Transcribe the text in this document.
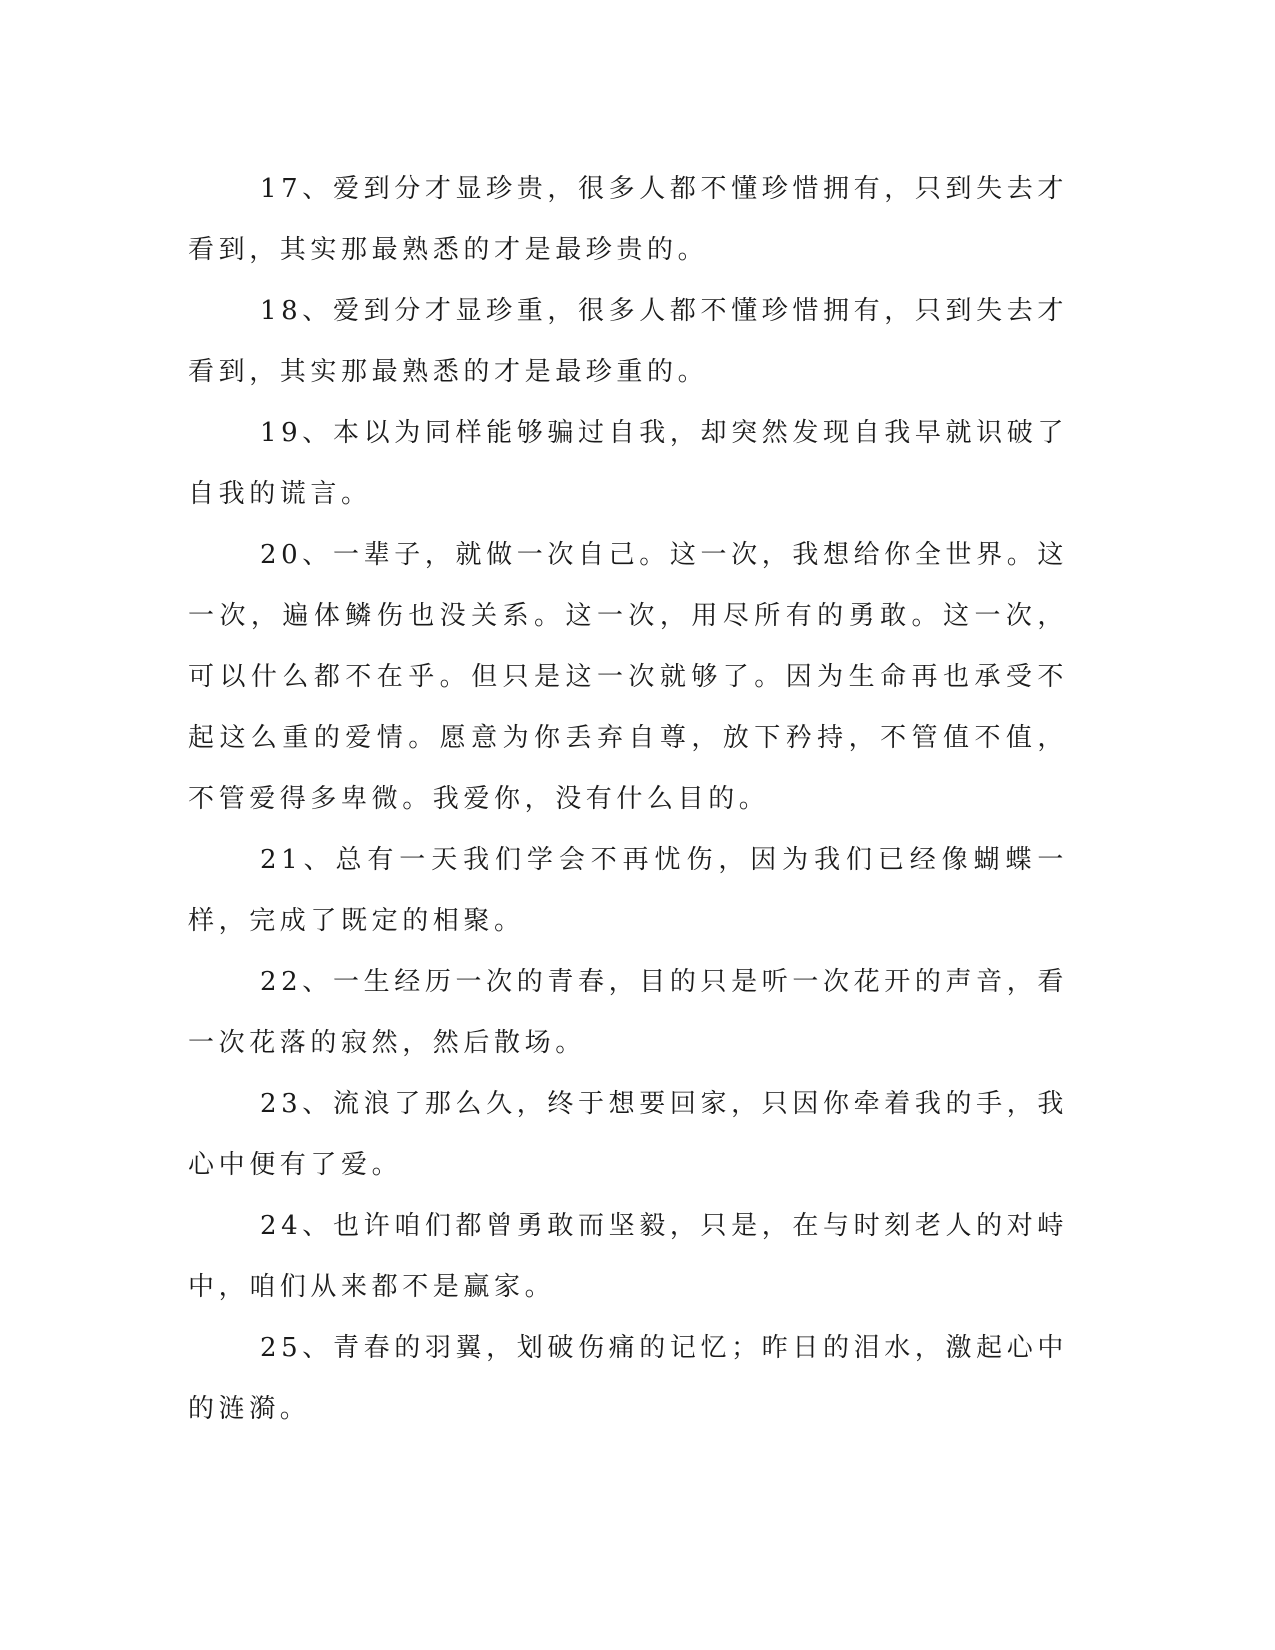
17、爱到分才显珍贵，很多人都不懂珍惜拥有，只到失去才看到，其实那最熟悉的才是最珍贵的。

18、爱到分才显珍重，很多人都不懂珍惜拥有，只到失去才看到，其实那最熟悉的才是最珍重的。

19、本以为同样能够骗过自我，却突然发现自我早就识破了自我的谎言。

20、一辈子，就做一次自己。这一次，我想给你全世界。这一次，遍体鳞伤也没关系。这一次，用尽所有的勇敢。这一次，可以什么都不在乎。但只是这一次就够了。因为生命再也承受不起这么重的爱情。愿意为你丢弃自尊，放下矜持，不管值不值，不管爱得多卑微。我爱你，没有什么目的。

21、总有一天我们学会不再忧伤，因为我们已经像蝴蝶一样，完成了既定的相聚。

22、一生经历一次的青春，目的只是听一次花开的声音，看一次花落的寂然，然后散场。

23、流浪了那么久，终于想要回家，只因你牵着我的手，我心中便有了爱。

24、也许咱们都曾勇敢而坚毅，只是，在与时刻老人的对峙中，咱们从来都不是赢家。

25、青春的羽翼，划破伤痛的记忆；昨日的泪水，激起心中的涟漪。
